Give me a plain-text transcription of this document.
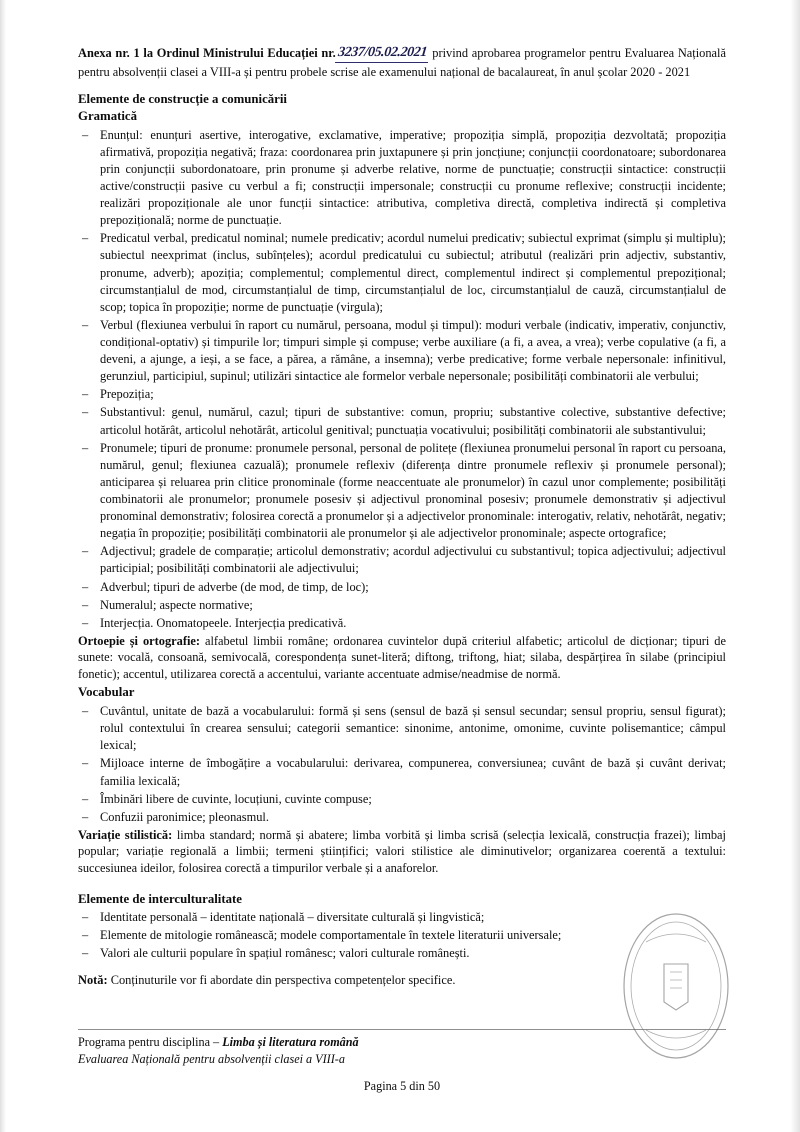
Anexa nr. 1 la Ordinul Ministrului Educației nr.3237/05.02.2021 privind aprobarea programelor pentru Evaluarea Națională pentru absolvenții clasei a VIII-a și pentru probele scrise ale examenului național de bacalaureat, în anul școlar 2020 - 2021
Elemente de construcție a comunicării
Gramatică
– Enunțul: enunțuri asertive, interogative, exclamative, imperative; propoziția simplă, propoziția dezvoltată; propoziția afirmativă, propoziția negativă; fraza: coordonarea prin juxtapunere și prin joncțiune; conjuncții coordonatoare; subordonarea prin conjuncții subordonatoare, prin pronume și adverbe relative, norme de punctuație; construcții sintactice: construcții active/construcții pasive cu verbul a fi; construcții impersonale; construcții cu pronume reflexive; construcții incidente; realizări propoziționale ale unor funcții sintactice: atributiva, completiva directă, completiva indirectă și completiva prepozițională; norme de punctuație.
– Predicatul verbal, predicatul nominal; numele predicativ; acordul numelui predicativ; subiectul exprimat (simplu și multiplu); subiectul neexprimat (inclus, subînțeles); acordul predicatului cu subiectul; atributul (realizări prin adjectiv, substantiv, pronume, adverb); apoziția; complementul; complementul direct, complementul indirect și complementul prepozițional; circumstanțialul de mod, circumstanțialul de timp, circumstanțialul de loc, circumstanțialul de cauză, circumstanțialul de scop; topica în propoziție; norme de punctuație (virgula);
– Verbul (flexiunea verbului în raport cu numărul, persoana, modul și timpul): moduri verbale (indicativ, imperativ, conjunctiv, condițional-optativ) și timpurile lor; timpuri simple și compuse; verbe auxiliare (a fi, a avea, a vrea); verbe copulative (a fi, a deveni, a ajunge, a ieși, a se face, a părea, a rămâne, a insemna); verbe predicative; forme verbale nepersonale: infinitivul, gerunziul, participiul, supinul; utilizări sintactice ale formelor verbale nepersonale; posibilități combinatorii ale verbului;
– Prepoziția;
– Substantivul: genul, numărul, cazul; tipuri de substantive: comun, propriu; substantive colective, substantive defective; articolul hotărât, articolul nehotărât, articolul genitival; punctuația vocativului; posibilități combinatorii ale substantivului;
– Pronumele; tipuri de pronume: pronumele personal, personal de politețe (flexiunea pronumelui personal în raport cu persoana, numărul, genul; flexiunea cazuală); pronumele reflexiv (diferența dintre pronumele reflexiv și pronumele personal); anticiparea și reluarea prin clitice pronominale (forme neaccentuate ale pronumelor) în cazul unor complemente; posibilități combinatorii ale pronumelor; pronumele posesiv și adjectivul pronominal posesiv; pronumele demonstrativ și adjectivul pronominal demonstrativ; folosirea corectă a pronumelor și a adjectivelor pronominale: interogativ, relativ, nehotărât, negativ; negația în propoziție; posibilități combinatorii ale pronumelor și ale adjectivelor pronominale; aspecte ortografice;
– Adjectivul; gradele de comparație; articolul demonstrativ; acordul adjectivului cu substantivul; topica adjectivului; adjectivul participial; posibilități combinatorii ale adjectivului;
– Adverbul; tipuri de adverbe (de mod, de timp, de loc);
– Numeralul; aspecte normative;
– Interjecția. Onomatopeele. Interjecția predicativă.

Ortoepie și ortografie: alfabetul limbii române; ordonarea cuvintelor după criteriul alfabetic; articolul de dicționar; tipuri de sunete: vocală, consoană, semivocală, corespondența sunet-literă; diftong, triftong, hiat; silaba, despărțirea în silabe (principiul fonetic); accentul, utilizarea corectă a accentului, variante accentuate admise/neadmise de normă.

Vocabular
– Cuvântul, unitate de bază a vocabularului: formă și sens (sensul de bază și sensul secundar; sensul propriu, sensul figurat); rolul contextului în crearea sensului; categorii semantice: sinonime, antonime, omonime, cuvinte polisemantice; câmpul lexical;
– Mijloace interne de îmbogățire a vocabularului: derivarea, compunerea, conversiunea; cuvânt de bază și cuvânt derivat; familia lexicală;
– Îmbinări libere de cuvinte, locuțiuni, cuvinte compuse;
– Confuzii paronimice; pleonasmul.

Variație stilistică: limba standard; normă și abatere; limba vorbită și limba scrisă (selecția lexicală, construcția frazei); limbaj popular; variație regională a limbii; termeni științifici; valori stilistice ale diminutivelor; organizarea coerentă a textului: succesiunea ideilor, folosirea corectă a timpurilor verbale și a anaforelor.

Elemente de interculturalitate
– Identitate personală – identitate națională – diversitate culturală și lingvistică;
– Elemente de mitologie românească; modele comportamentale în textele literaturii universale;
– Valori ale culturii populare în spațiul românesc; valori culturale românești.

Notă: Conținuturile vor fi abordate din perspectiva competențelor specifice.

Programa pentru disciplina – Limba și literatura română
Evaluarea Națională pentru absolvenții clasei a VIII-a
Pagina 5 din 50
